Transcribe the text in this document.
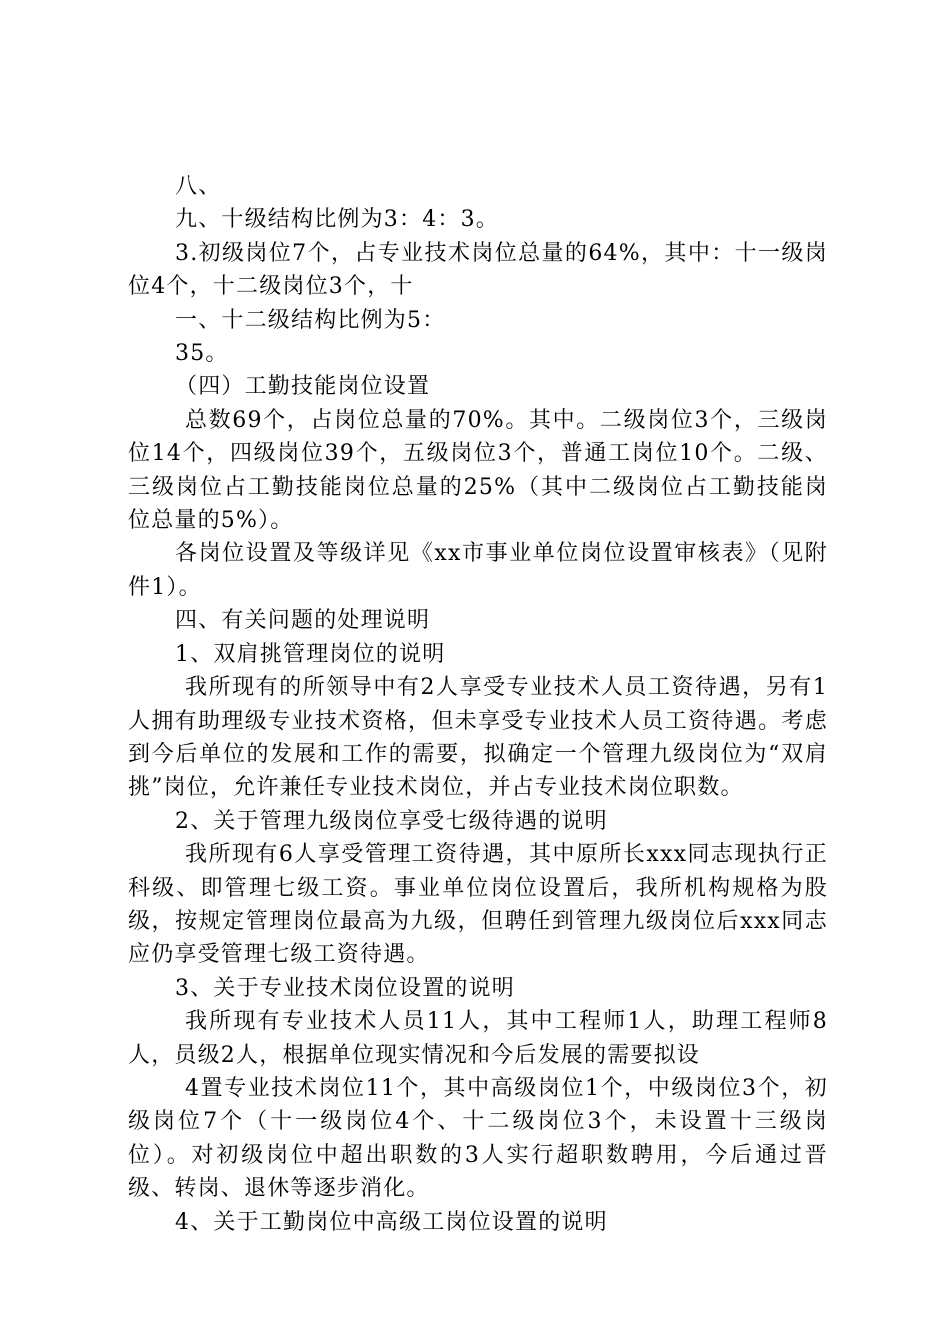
八、

九、十级结构比例为3：4：3。

3.初级岗位7个，占专业技术岗位总量的64%，其中：十一级岗位4个，十二级岗位3个，十

一、十二级结构比例为5：

35。

（四）工勤技能岗位设置

总数69个，占岗位总量的70%。其中。二级岗位3个，三级岗位14个，四级岗位39个，五级岗位3个，普通工岗位10个。二级、三级岗位占工勤技能岗位总量的25%（其中二级岗位占工勤技能岗位总量的5%）。

各岗位设置及等级详见《xx市事业单位岗位设置审核表》（见附件1）。

四、有关问题的处理说明

1、双肩挑管理岗位的说明

我所现有的所领导中有2人享受专业技术人员工资待遇，另有1人拥有助理级专业技术资格，但未享受专业技术人员工资待遇。考虑到今后单位的发展和工作的需要，拟确定一个管理九级岗位为“双肩挑”岗位，允许兼任专业技术岗位，并占专业技术岗位职数。

2、关于管理九级岗位享受七级待遇的说明

我所现有6人享受管理工资待遇，其中原所长xxx同志现执行正科级、即管理七级工资。事业单位岗位设置后，我所机构规格为股级，按规定管理岗位最高为九级，但聘任到管理九级岗位后xxx同志应仍享受管理七级工资待遇。

3、关于专业技术岗位设置的说明

我所现有专业技术人员11人，其中工程师1人，助理工程师8人，员级2人，根据单位现实情况和今后发展的需要拟设

4置专业技术岗位11个，其中高级岗位1个，中级岗位3个，初级岗位7个（十一级岗位4个、十二级岗位3个，未设置十三级岗位）。对初级岗位中超出职数的3人实行超职数聘用，今后通过晋级、转岗、退休等逐步消化。

4、关于工勤岗位中高级工岗位设置的说明
